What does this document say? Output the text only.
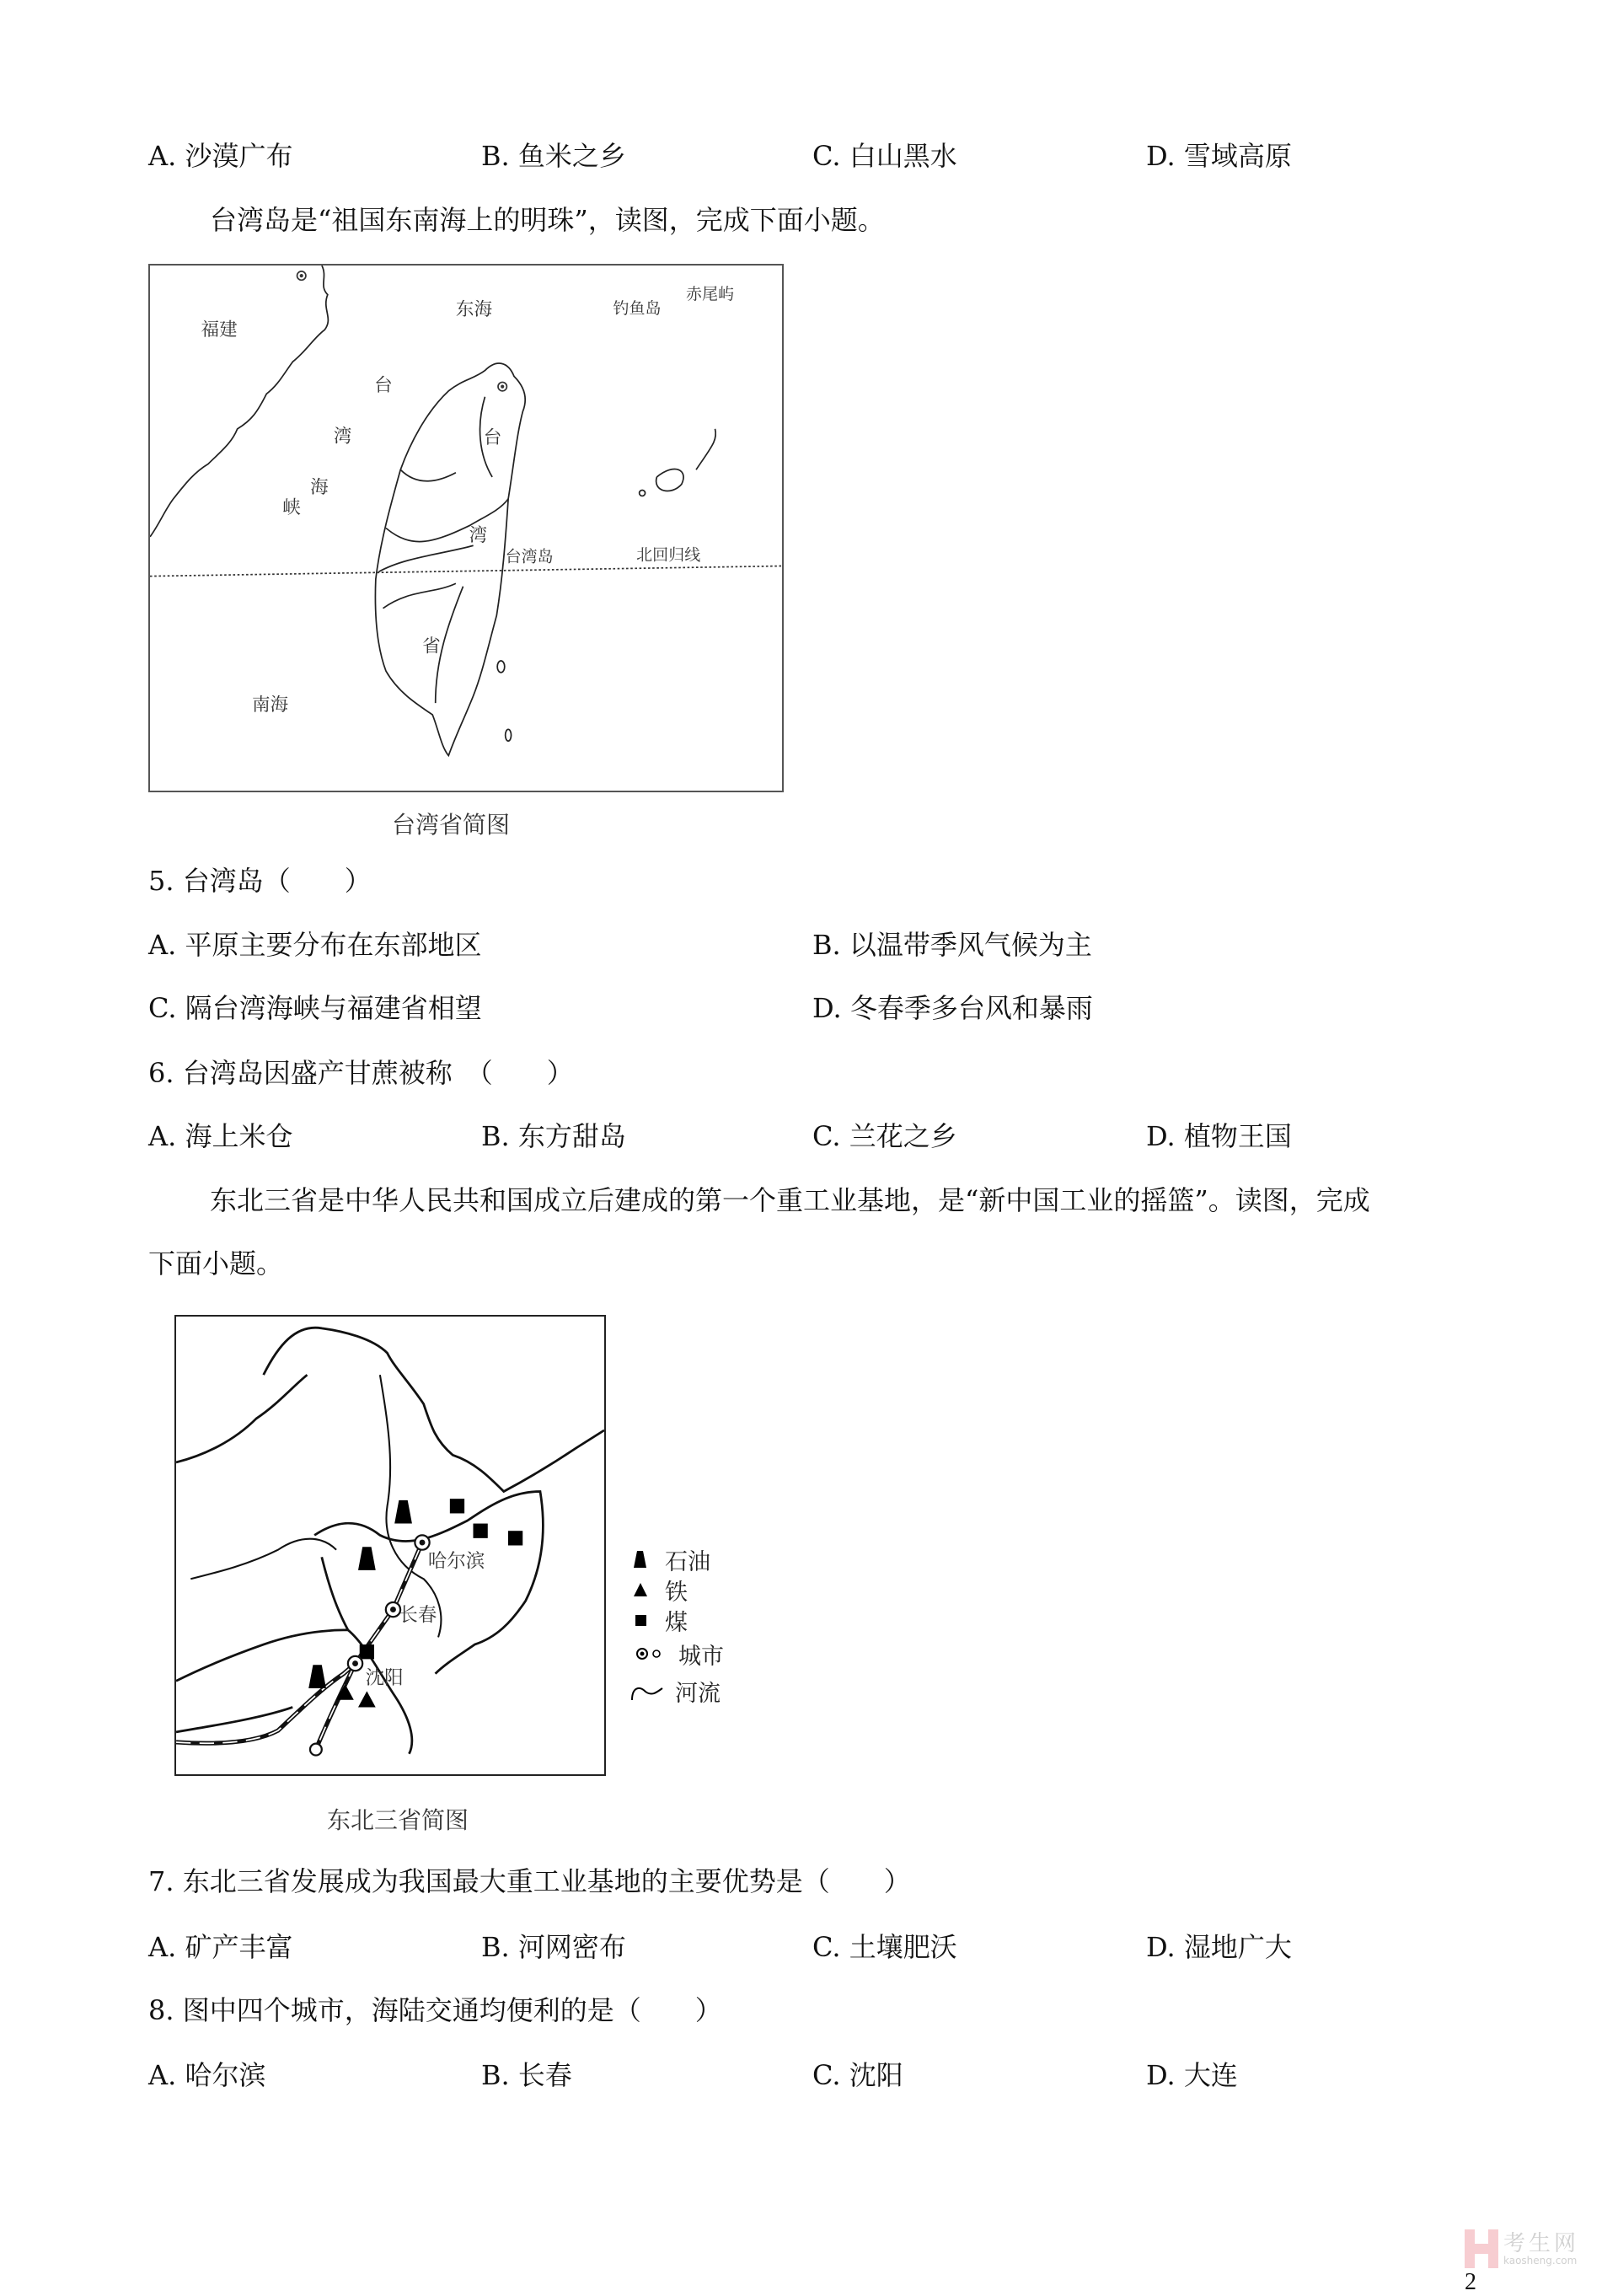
A. 沙漠广布	B. 鱼米之乡	C. 白山黑水	D. 雪域高原
台湾岛是“祖国东南海上的明珠”，读图，完成下面小题。
福建
东海	钓鱼岛
赤尾屿
台
湾
海
峡
台
湾
省
台湾岛	北回归线
南海
台湾省简图
5. 台湾岛（　　）
A. 平原主要分布在东部地区	B. 以温带季风气候为主
C. 隔台湾海峡与福建省相望	D. 冬春季多台风和暴雨
6. 台湾岛因盛产甘蔗被称　（　　）
A. 海上米仓	B. 东方甜岛	C. 兰花之乡	D. 植物王国
东北三省是中华人民共和国成立后建成的第一个重工业基地，是“新中国工业的摇篮”。读图，完成
下面小题。
哈尔滨
长春
沈阳
石油
铁
煤
城市
河流
东北三省简图
7. 东北三省发展成为我国最大重工业基地的主要优势是（　　）
A. 矿产丰富	B. 河网密布	C. 土壤肥沃	D. 湿地广大
8. 图中四个城市，海陆交通均便利的是（　　）
A. 哈尔滨	B. 长春	C. 沈阳	D. 大连
考生网
kaosheng.com
2
